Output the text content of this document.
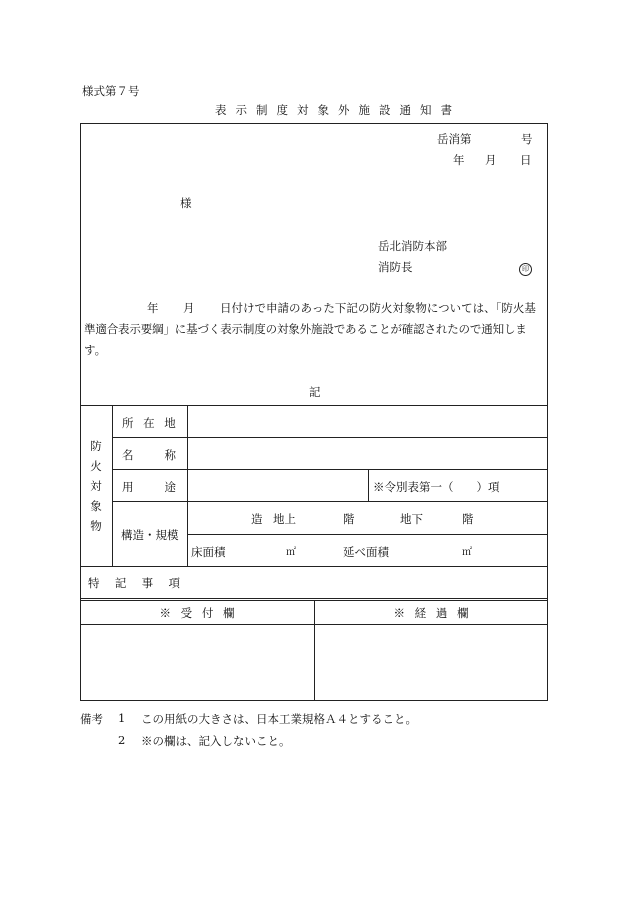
様式第７号
表示制度対象外施設通知書
岳消第	号
年 月 日
様
岳北消防本部
消防長	印
年 月 日付けで申請のあった下記の防火対象物については、「防火基
準適合表示要綱」に基づく表示制度の対象外施設であることが確認されたので通知しま
す。
記
防
火
対
象
物
所 在 地
名	称
用	途	※令別表第一（　　）項
構造・規模
造 地上	階	地下	階
床面積	㎡	延べ面積	㎡
特 記 事 項
※ 受 付 欄	※ 経 過 欄
備考 1 この用紙の大きさは、日本工業規格Ａ４とすること。
2 ※の欄は、記入しないこと。
